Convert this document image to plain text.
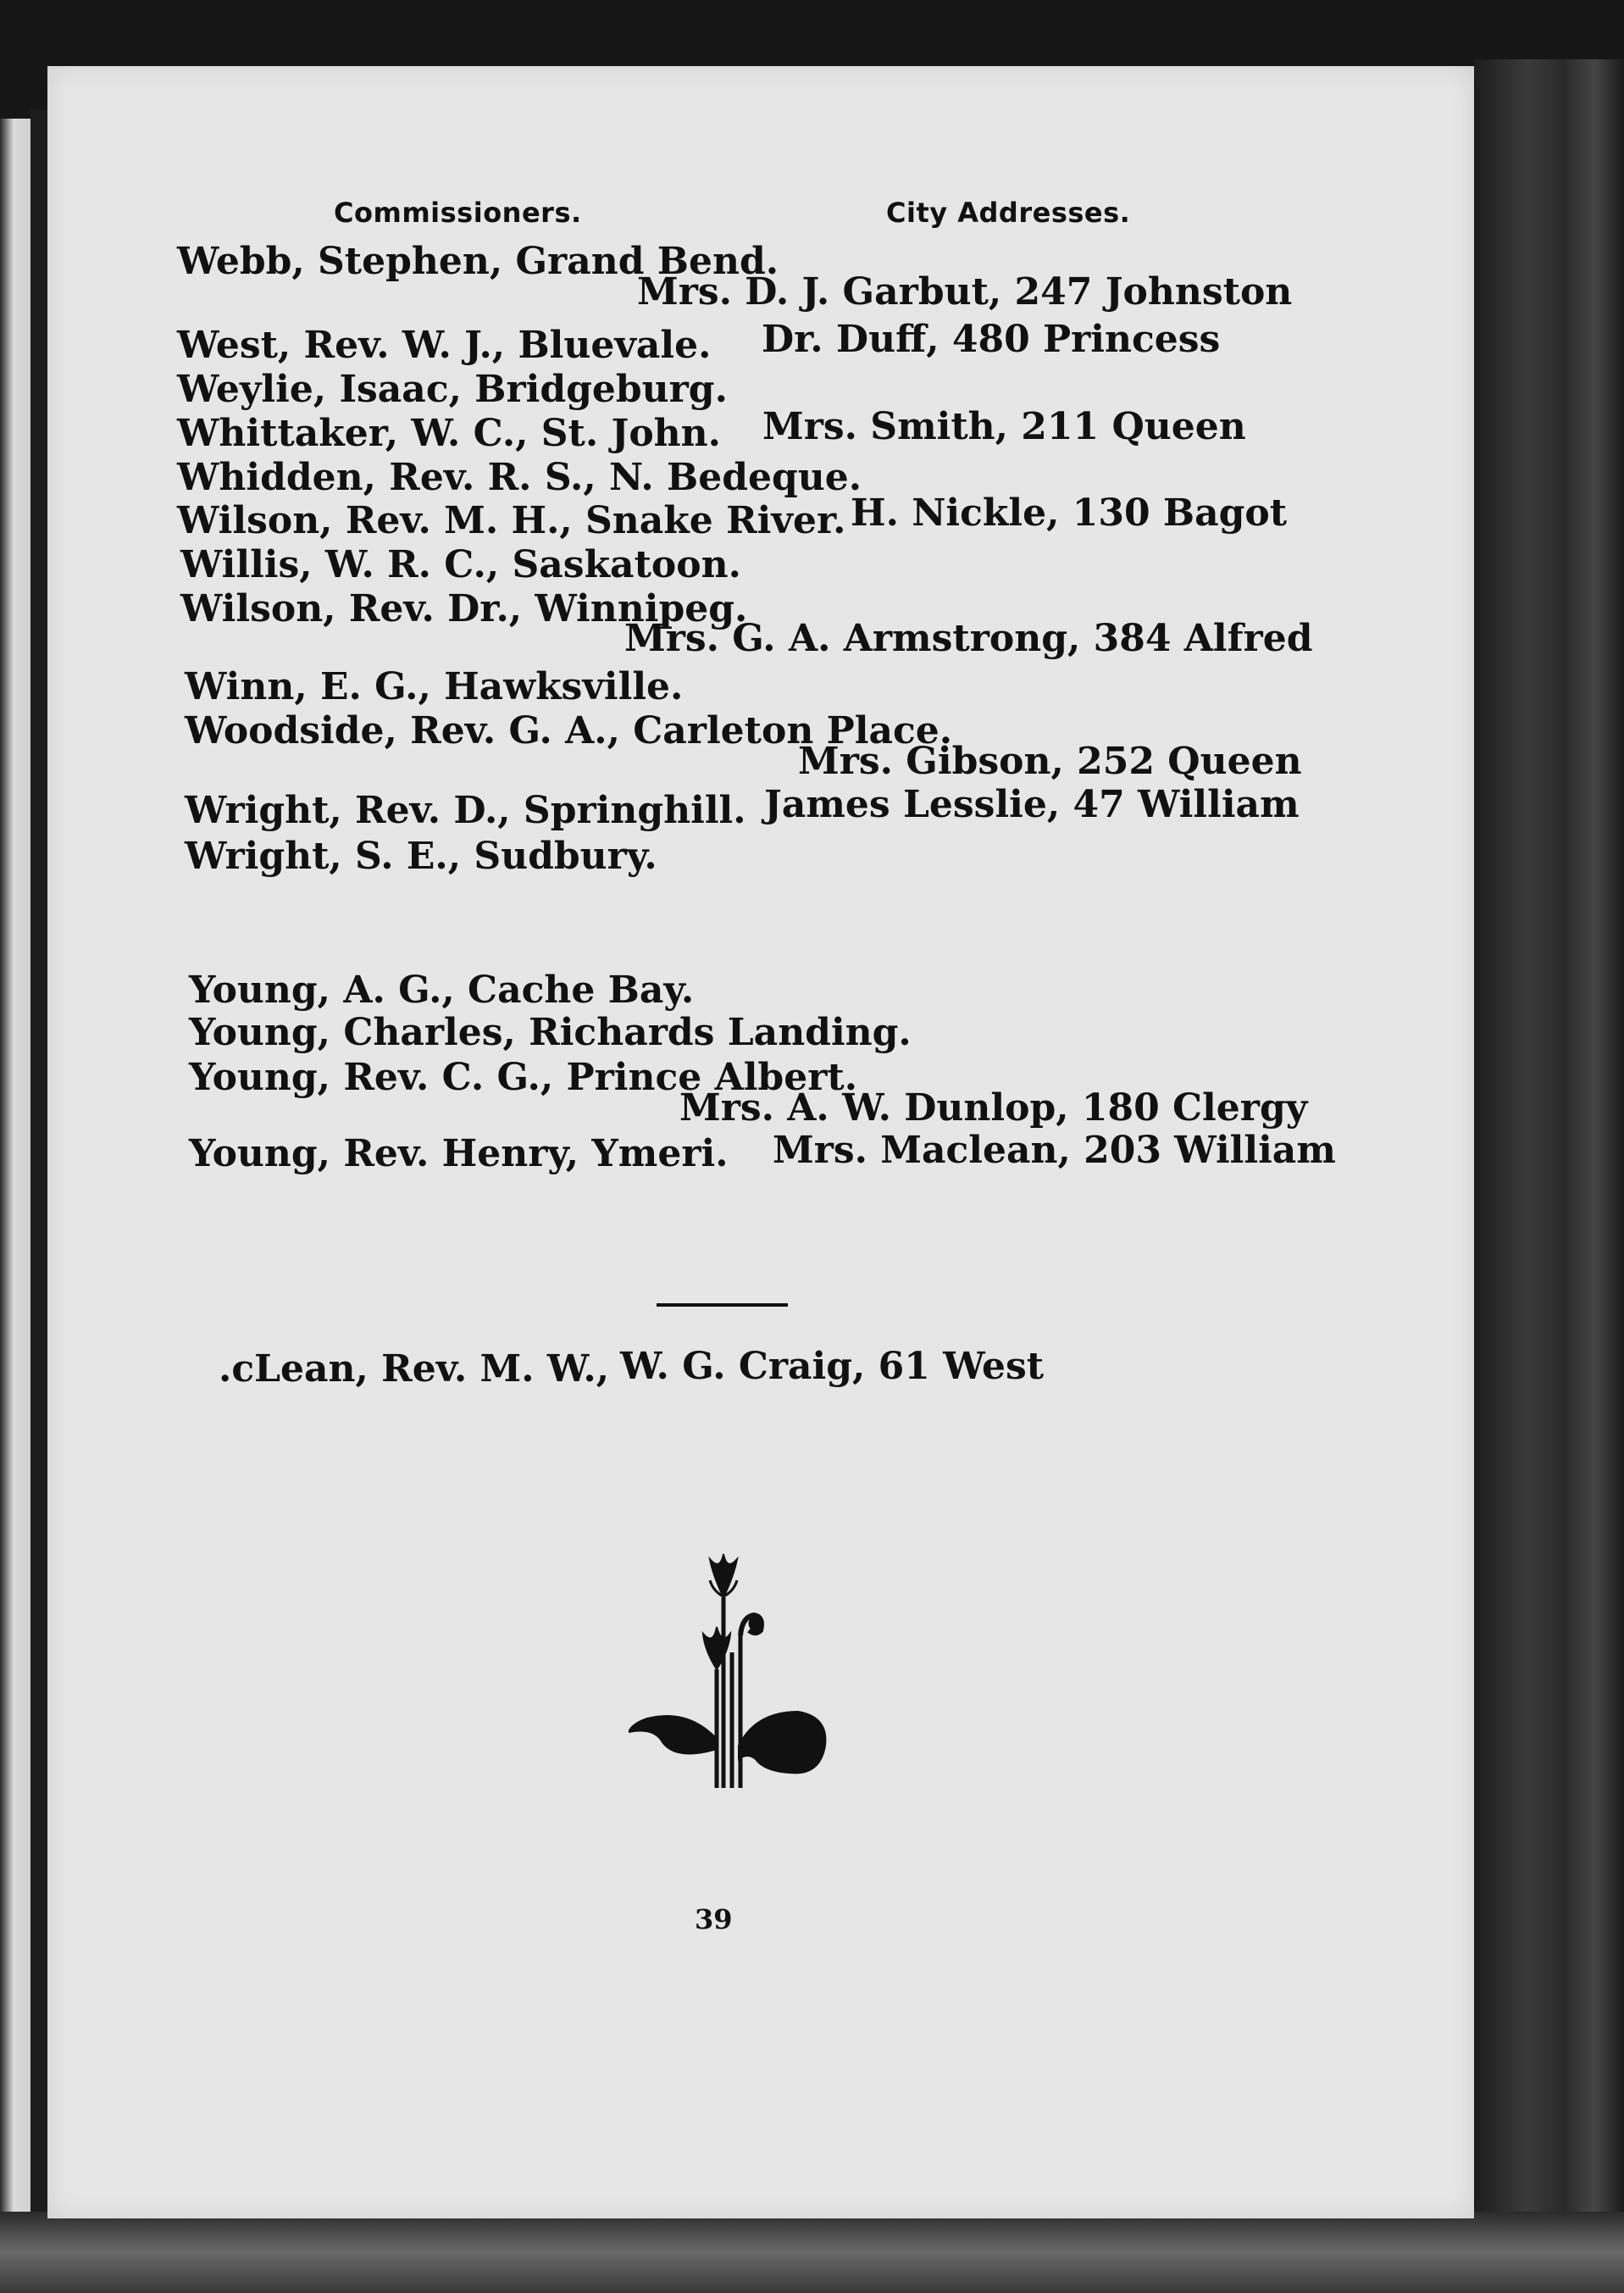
Commissioners.	City Addresses.
Webb, Stephen, Grand Bend.
Mrs. D. J. Garbut, 247 Johnston
West, Rev. W. J., Bluevale. Dr. Duff, 480 Princess
Weylie, Isaac, Bridgeburg.
Whittaker, W. C., St. John. Mrs. Smith, 211 Queen
Whidden, Rev. R. S., N. Bedeque.
Wilson, Rev. M. H., Snake River. H. Nickle, 130 Bagot
Willis, W. R. C., Saskatoon.
Wilson, Rev. Dr., Winnipeg.
Mrs. G. A. Armstrong, 384 Alfred
Winn, E. G., Hawksville.
Woodside, Rev. G. A., Carleton Place.
Mrs. Gibson, 252 Queen
Wright, Rev. D., Springhill. James Lesslie, 47 William
Wright, S. E., Sudbury.
Young, A. G., Cache Bay.
Young, Charles, Richards Landing.
Young, Rev. C. G., Prince Albert.
Mrs. A. W. Dunlop, 180 Clergy
Young, Rev. Henry, Ymeri. Mrs. Maclean, 203 William
.cLean, Rev. M. W., W. G. Craig, 61 West
39
